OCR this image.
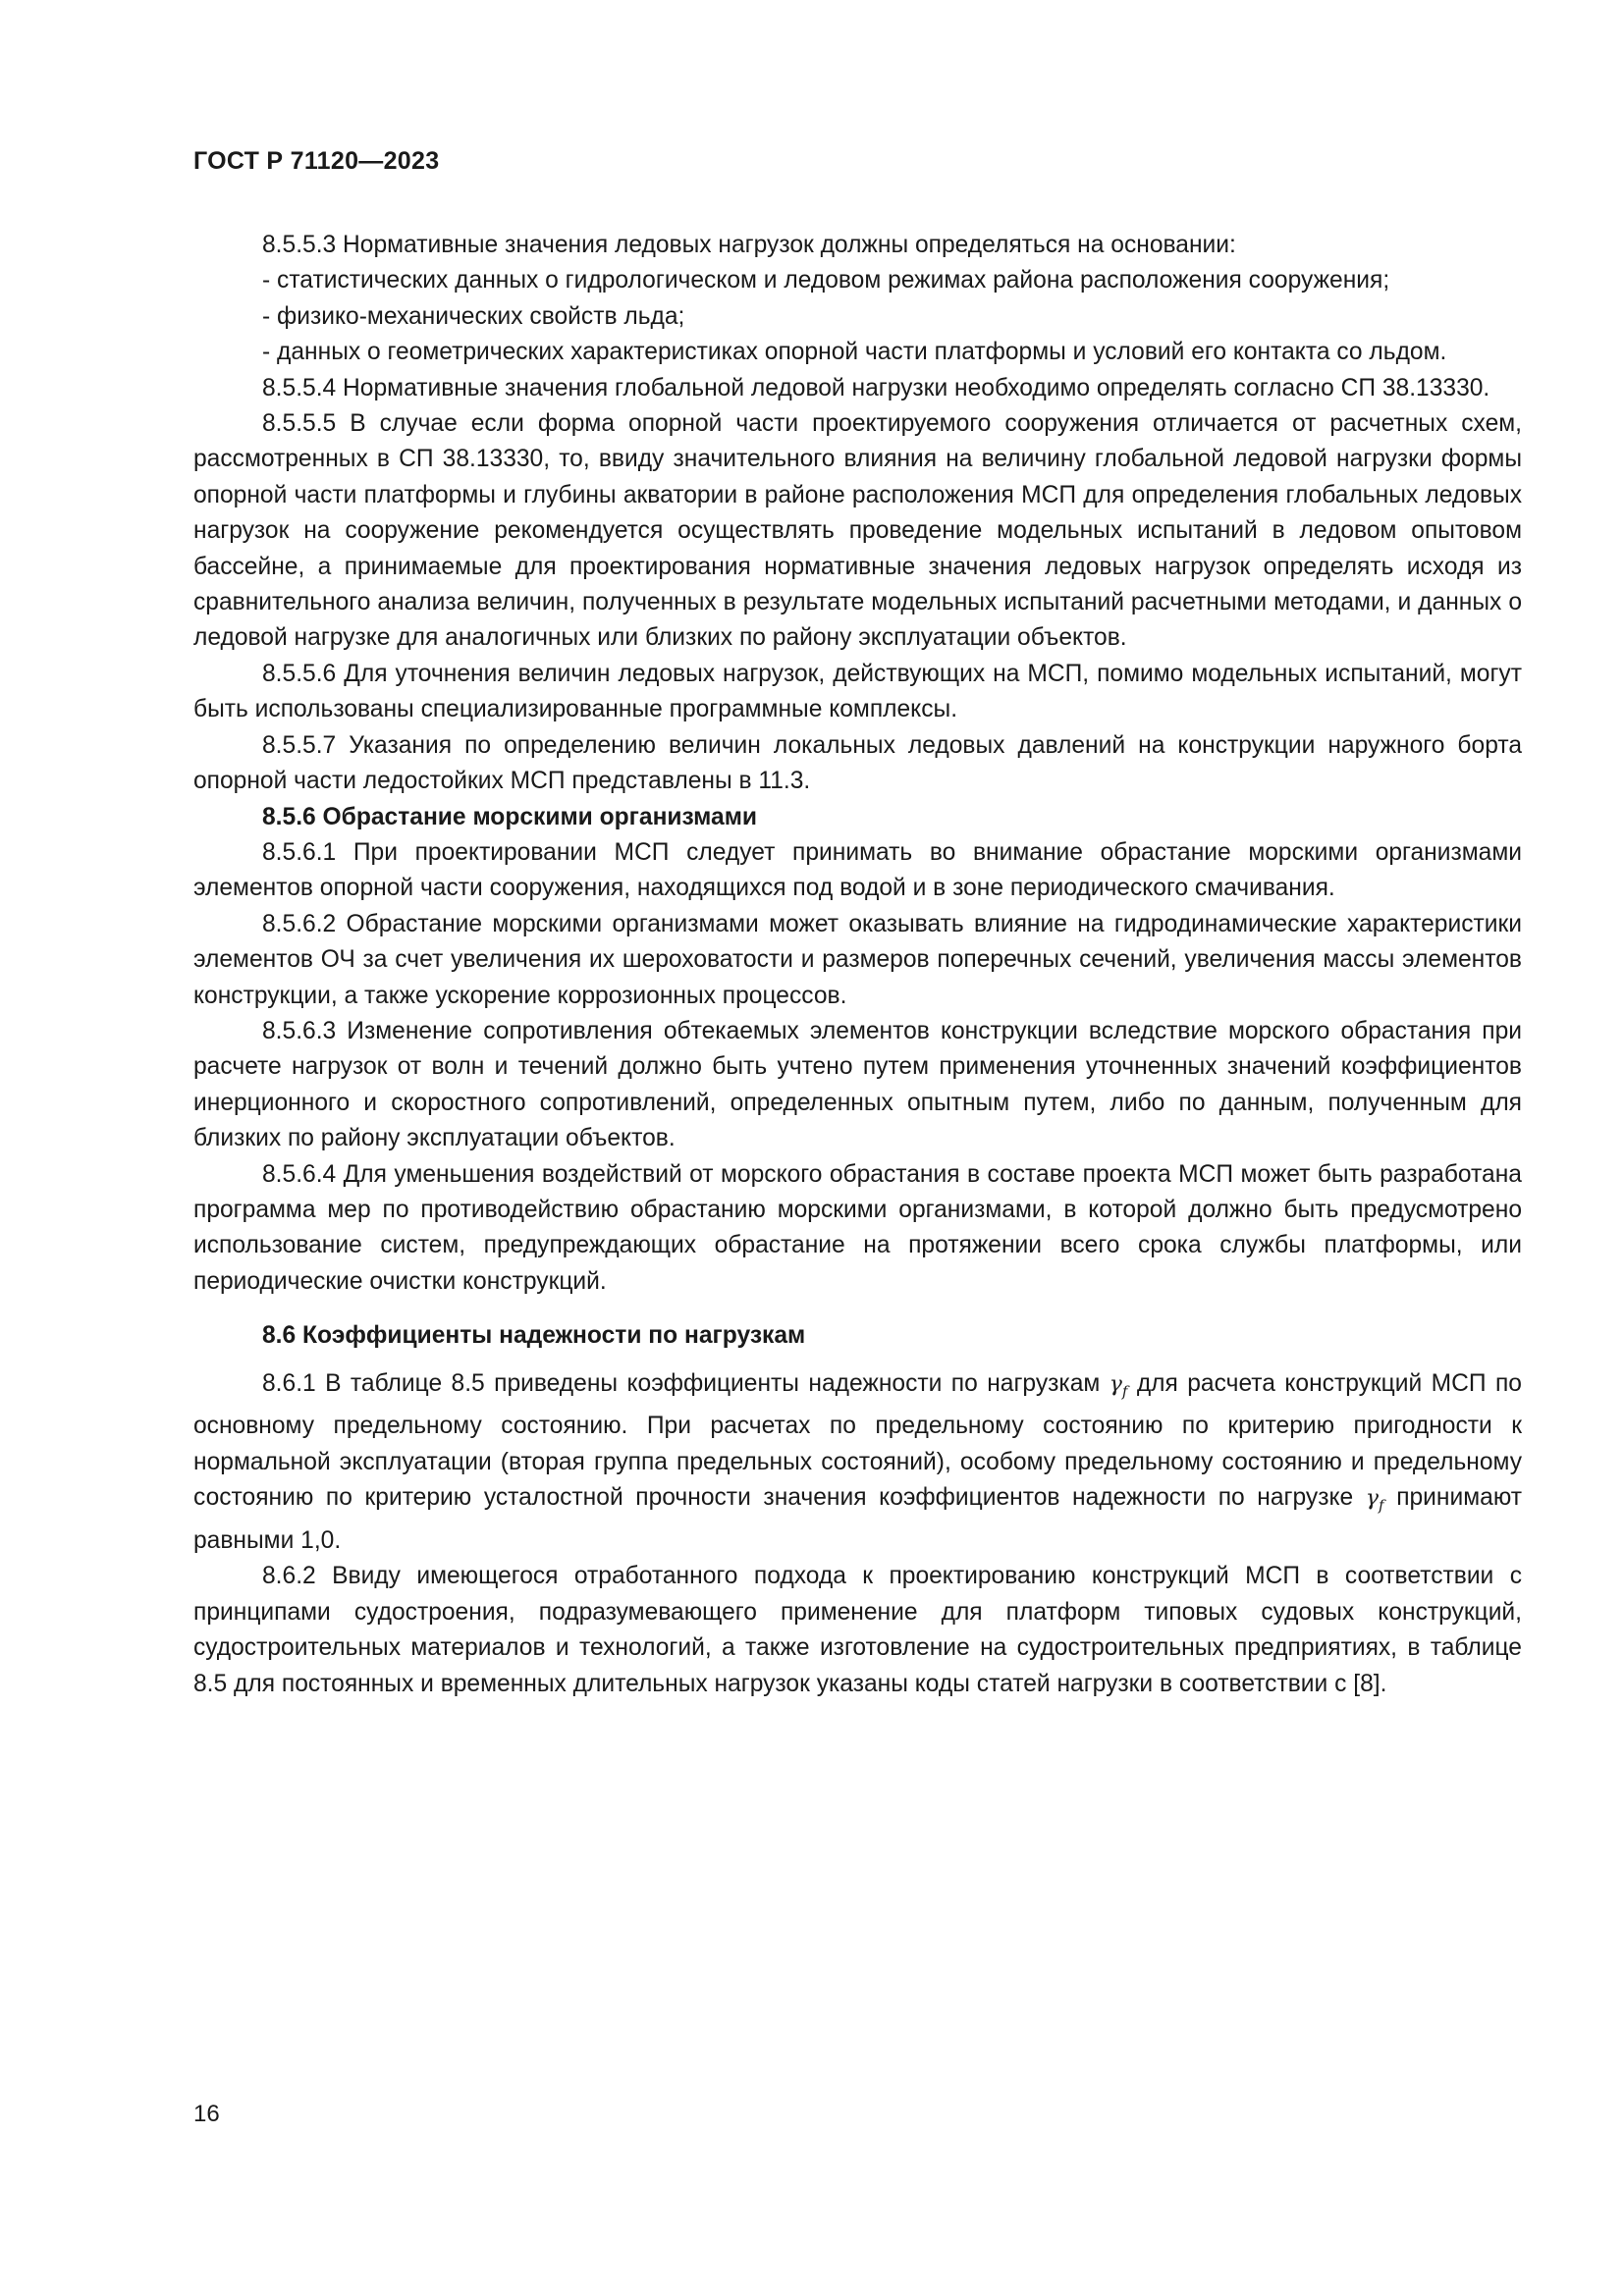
ГОСТ Р 71120—2023

8.5.5.3 Нормативные значения ледовых нагрузок должны определяться на основании:

- статистических данных о гидрологическом и ледовом режимах района расположения сооружения;

- физико-механических свойств льда;

- данных о геометрических характеристиках опорной части платформы и условий его контакта со льдом.

8.5.5.4 Нормативные значения глобальной ледовой нагрузки необходимо определять согласно СП 38.13330.

8.5.5.5 В случае если форма опорной части проектируемого сооружения отличается от расчетных схем, рассмотренных в СП 38.13330, то, ввиду значительного влияния на величину глобальной ледовой нагрузки формы опорной части платформы и глубины акватории в районе расположения МСП для определения глобальных ледовых нагрузок на сооружение рекомендуется осуществлять проведение модельных испытаний в ледовом опытовом бассейне, а принимаемые для проектирования нормативные значения ледовых нагрузок определять исходя из сравнительного анализа величин, полученных в результате модельных испытаний расчетными методами, и данных о ледовой нагрузке для аналогичных или близких по району эксплуатации объектов.

8.5.5.6 Для уточнения величин ледовых нагрузок, действующих на МСП, помимо модельных испытаний, могут быть использованы специализированные программные комплексы.

8.5.5.7 Указания по определению величин локальных ледовых давлений на конструкции наружного борта опорной части ледостойких МСП представлены в 11.3.

8.5.6 Обрастание морскими организмами

8.5.6.1 При проектировании МСП следует принимать во внимание обрастание морскими организмами элементов опорной части сооружения, находящихся под водой и в зоне периодического смачивания.

8.5.6.2 Обрастание морскими организмами может оказывать влияние на гидродинамические характеристики элементов ОЧ за счет увеличения их шероховатости и размеров поперечных сечений, увеличения массы элементов конструкции, а также ускорение коррозионных процессов.

8.5.6.3 Изменение сопротивления обтекаемых элементов конструкции вследствие морского обрастания при расчете нагрузок от волн и течений должно быть учтено путем применения уточненных значений коэффициентов инерционного и скоростного сопротивлений, определенных опытным путем, либо по данным, полученным для близких по району эксплуатации объектов.

8.5.6.4 Для уменьшения воздействий от морского обрастания в составе проекта МСП может быть разработана программа мер по противодействию обрастанию морскими организмами, в которой должно быть предусмотрено использование систем, предупреждающих обрастание на протяжении всего срока службы платформы, или периодические очистки конструкций.

8.6 Коэффициенты надежности по нагрузкам

8.6.1 В таблице 8.5 приведены коэффициенты надежности по нагрузкам $\gamma_f$ для расчета конструкций МСП по основному предельному состоянию. При расчетах по предельному состоянию по критерию пригодности к нормальной эксплуатации (вторая группа предельных состояний), особому предельному состоянию и предельному состоянию по критерию усталостной прочности значения коэффициентов надежности по нагрузке $\gamma_f$ принимают равными 1,0.

8.6.2 Ввиду имеющегося отработанного подхода к проектированию конструкций МСП в соответствии с принципами судостроения, подразумевающего применение для платформ типовых судовых конструкций, судостроительных материалов и технологий, а также изготовление на судостроительных предприятиях, в таблице 8.5 для постоянных и временных длительных нагрузок указаны коды статей нагрузки в соответствии с [8].

16
